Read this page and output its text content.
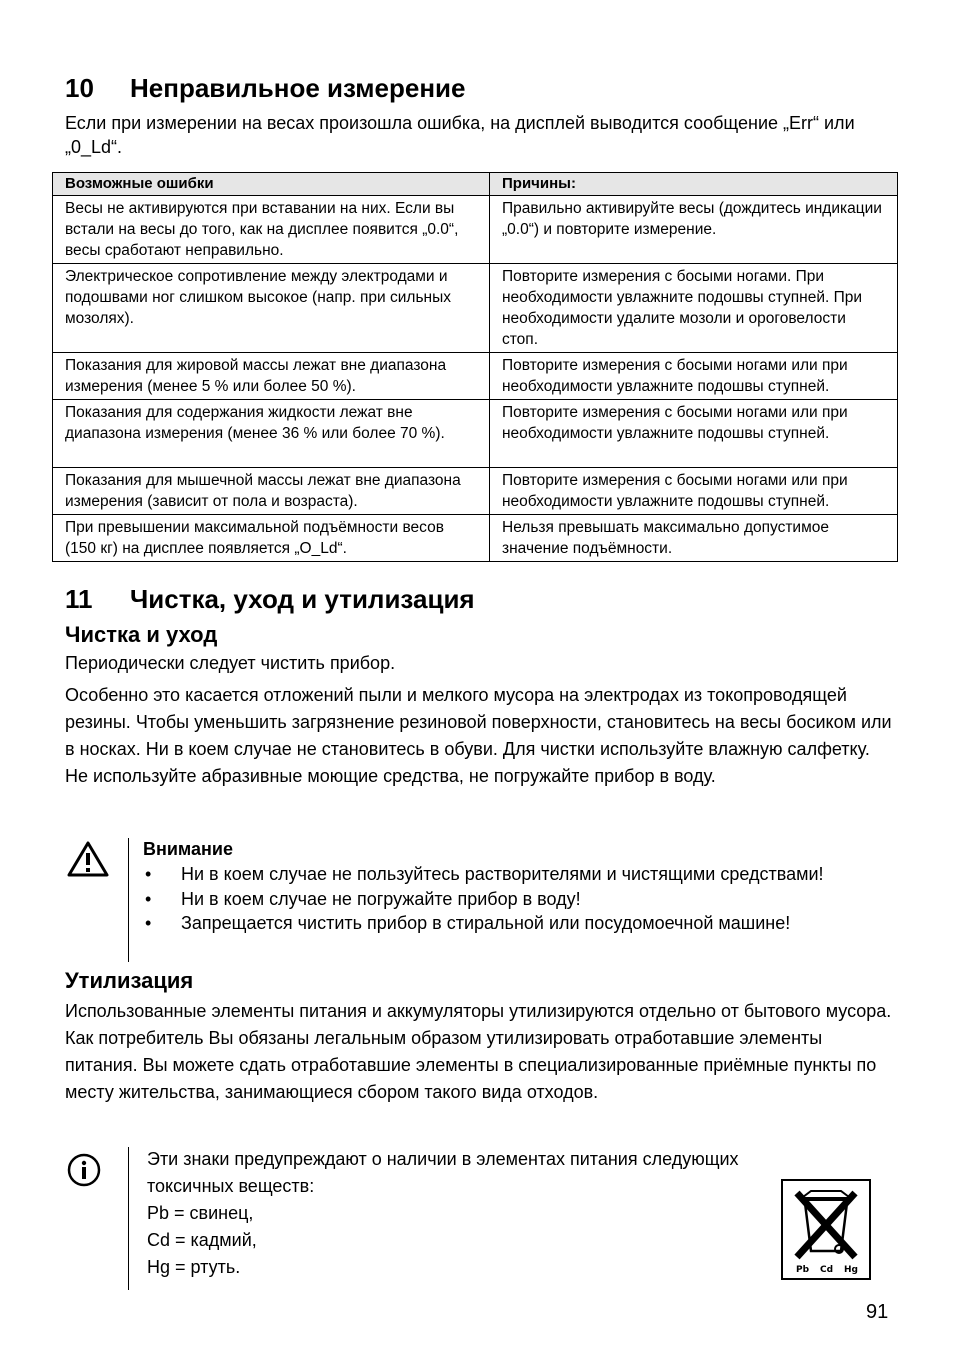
10 Неправильное измерение

Если при измерении на весах произошла ошибка, на дисплей выводится сообщение „Err“ или „0_Ld“.

Возможные ошибки	Причины:
Весы не активируются при вставании на них. Если вы встали на весы до того, как на дисплее появится „0.0“, весы сработают неправильно.	Правильно активируйте весы (дождитесь индикации „0.0“) и повторите измерение.
Электрическое сопротивление между электродами и подошвами ног слишком высокое (напр. при сильных мозолях).	Повторите измерения с босыми ногами. При необходимости увлажните подошвы ступней. При необходимости удалите мозоли и ороговелости стоп.
Показания для жировой массы лежат вне диапазона измерения (менее 5 % или более 50 %).	Повторите измерения с босыми ногами или при необходимости увлажните подошвы ступней.
Показания для содержания жидкости лежат вне диапазона измерения (менее 36 % или более 70 %).	Повторите измерения с босыми ногами или при необходимости увлажните подошвы ступней.
Показания для мышечной массы лежат вне диапазона измерения (зависит от пола и возраста).	Повторите измерения с босыми ногами или при необходимости увлажните подошвы ступней.
При превышении максимальной подъёмности весов (150 кг) на дисплее появляется „O_Ld“.	Нельзя превышать максимально допустимое значение подъёмности.
11 Чистка, уход и утилизация
Чистка и уход

Периодически следует чистить прибор.

Особенно это касается отложений пыли и мелкого мусора на электродах из токопроводящей резины. Чтобы уменьшить загрязнение резиновой поверхности, становитесь на весы босиком или в носках. Ни в коем случае не становитесь в обуви. Для чистки используйте влажную салфетку. Не используйте абразивные моющие средства, не погружайте прибор в воду.

Внимание

• Ни в коем случае не пользуйтесь растворителями и чистящими средствами!
• Ни в коем случае не погружайте прибор в воду!
• Запрещается чистить прибор в стиральной или посудомоечной машине!
Утилизация

Использованные элементы питания и аккумуляторы утилизируются отдельно от бытового мусора. Как потребитель Вы обязаны легальным образом утилизировать отработавшие элементы питания. Вы можете сдать отработавшие элементы в специализированные приёмные пункты по месту жительства, занимающиеся сбором такого вида отходов.

Эти знаки предупреждают о наличии в элементах питания следующих
токсичных веществ:
Pb = свинец,
Cd = кадмий,
Hg = ртуть.	Pb Cd Hg
91
